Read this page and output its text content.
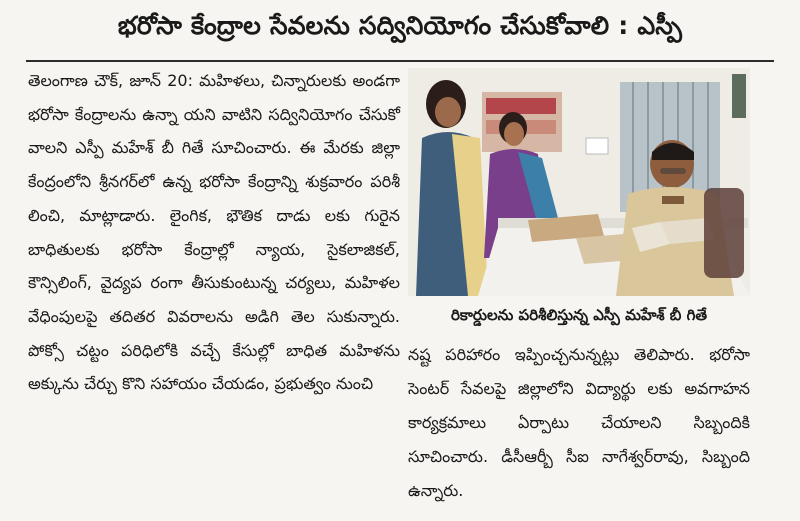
భరోసా కేంద్రాల సేవలను సద్వినియోగం చేసుకోవాలి : ఎస్పీ

తెలంగాణ చౌక్, జూన్ 20: మహిళలు, చిన్నారులకు అండగా భరోసా కేంద్రాలను ఉన్నా యని వాటిని సద్వినియోగం చేసుకో వాలని ఎస్పీ మహేశ్ బీ గితే సూచించారు. ఈ మేరకు జిల్లా కేంద్రంలోని శ్రీనగర్‌లో ఉన్న భరోసా కేంద్రాన్ని శుక్రవారం పరిశీ లించి, మాట్లాడారు. లైంగిక, భౌతిక దాడు లకు గురైన బాధితులకు భరోసా కేంద్రాల్లో న్యాయ, సైకలాజికల్, కౌన్సిలింగ్, వైద్యప రంగా తీసుకుంటున్న చర్యలు, మహిళల వేధింపులపై తదితర వివరాలను అడిగి తెల సుకున్నారు. పోక్సో చట్టం పరిధిలోకి వచ్చే కేసుల్లో బాధిత మహిళను అక్కును చేర్చు కొని సహాయం చేయడం, ప్రభుత్వం నుంచి

రికార్డులను పరిశీలిస్తున్న ఎస్పీ మహేశ్ బీ గితే

నష్ట పరిహారం ఇప్పించ్చనున్నట్లు తెలిపారు. భరోసా సెంటర్ సేవలపై జిల్లాలోని విద్యార్థు లకు అవగాహన కార్యక్రమాలు ఏర్పాటు చేయాలని సిబ్బందికి సూచించారు. డీసీఆర్బీ సీఐ నాగేశ్వర్‌రావు, సిబ్బంది ఉన్నారు.
